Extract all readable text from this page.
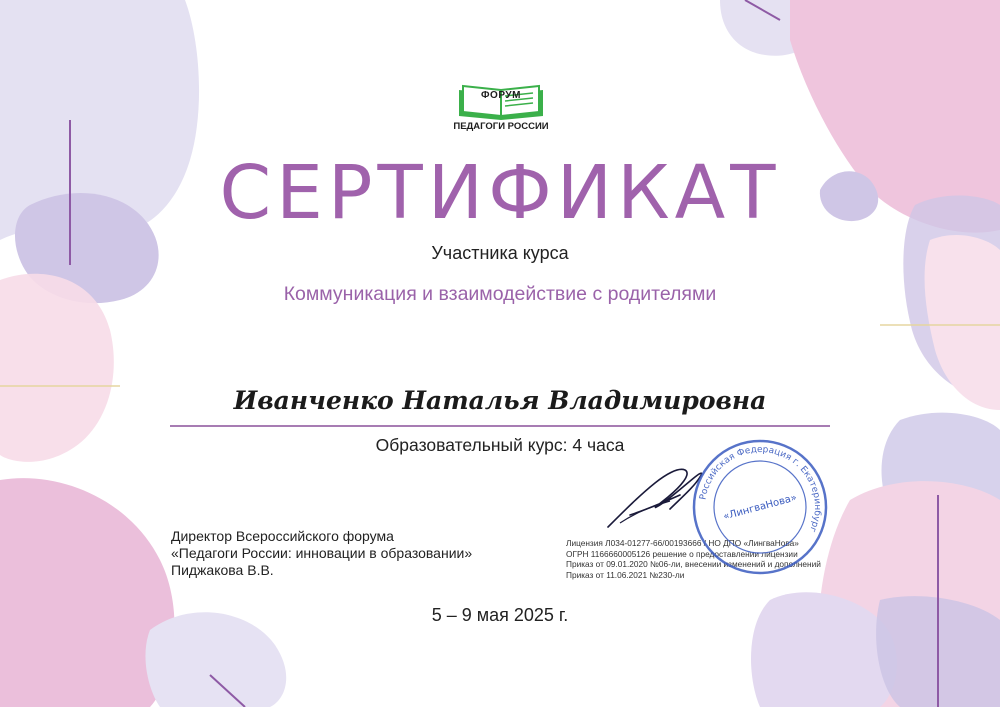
ФОРУМ
ПЕДАГОГИ РОССИИ
СЕРТИФИКАТ
Участника курса
Коммуникация и взаимодействие с родителями
Иванченко Наталья Владимировна
Образовательный курс: 4 часа
Директор Всероссийского форума
«Педагоги России: инновации в образовании»
Пиджакова В.В.
Лицензия Л034-01277-66/00193666 / НО ДПО «ЛингваНова»
ОГРН 1166660005126 решение о предоставлении лицензии
Приказ от 09.01.2020 №06-ли, внесении изменений и дополнений
Приказ от 11.06.2021 №230-ли
Российская Федерация г. Екатеринбург
«ЛингваНова»
5 – 9 мая 2025 г.
